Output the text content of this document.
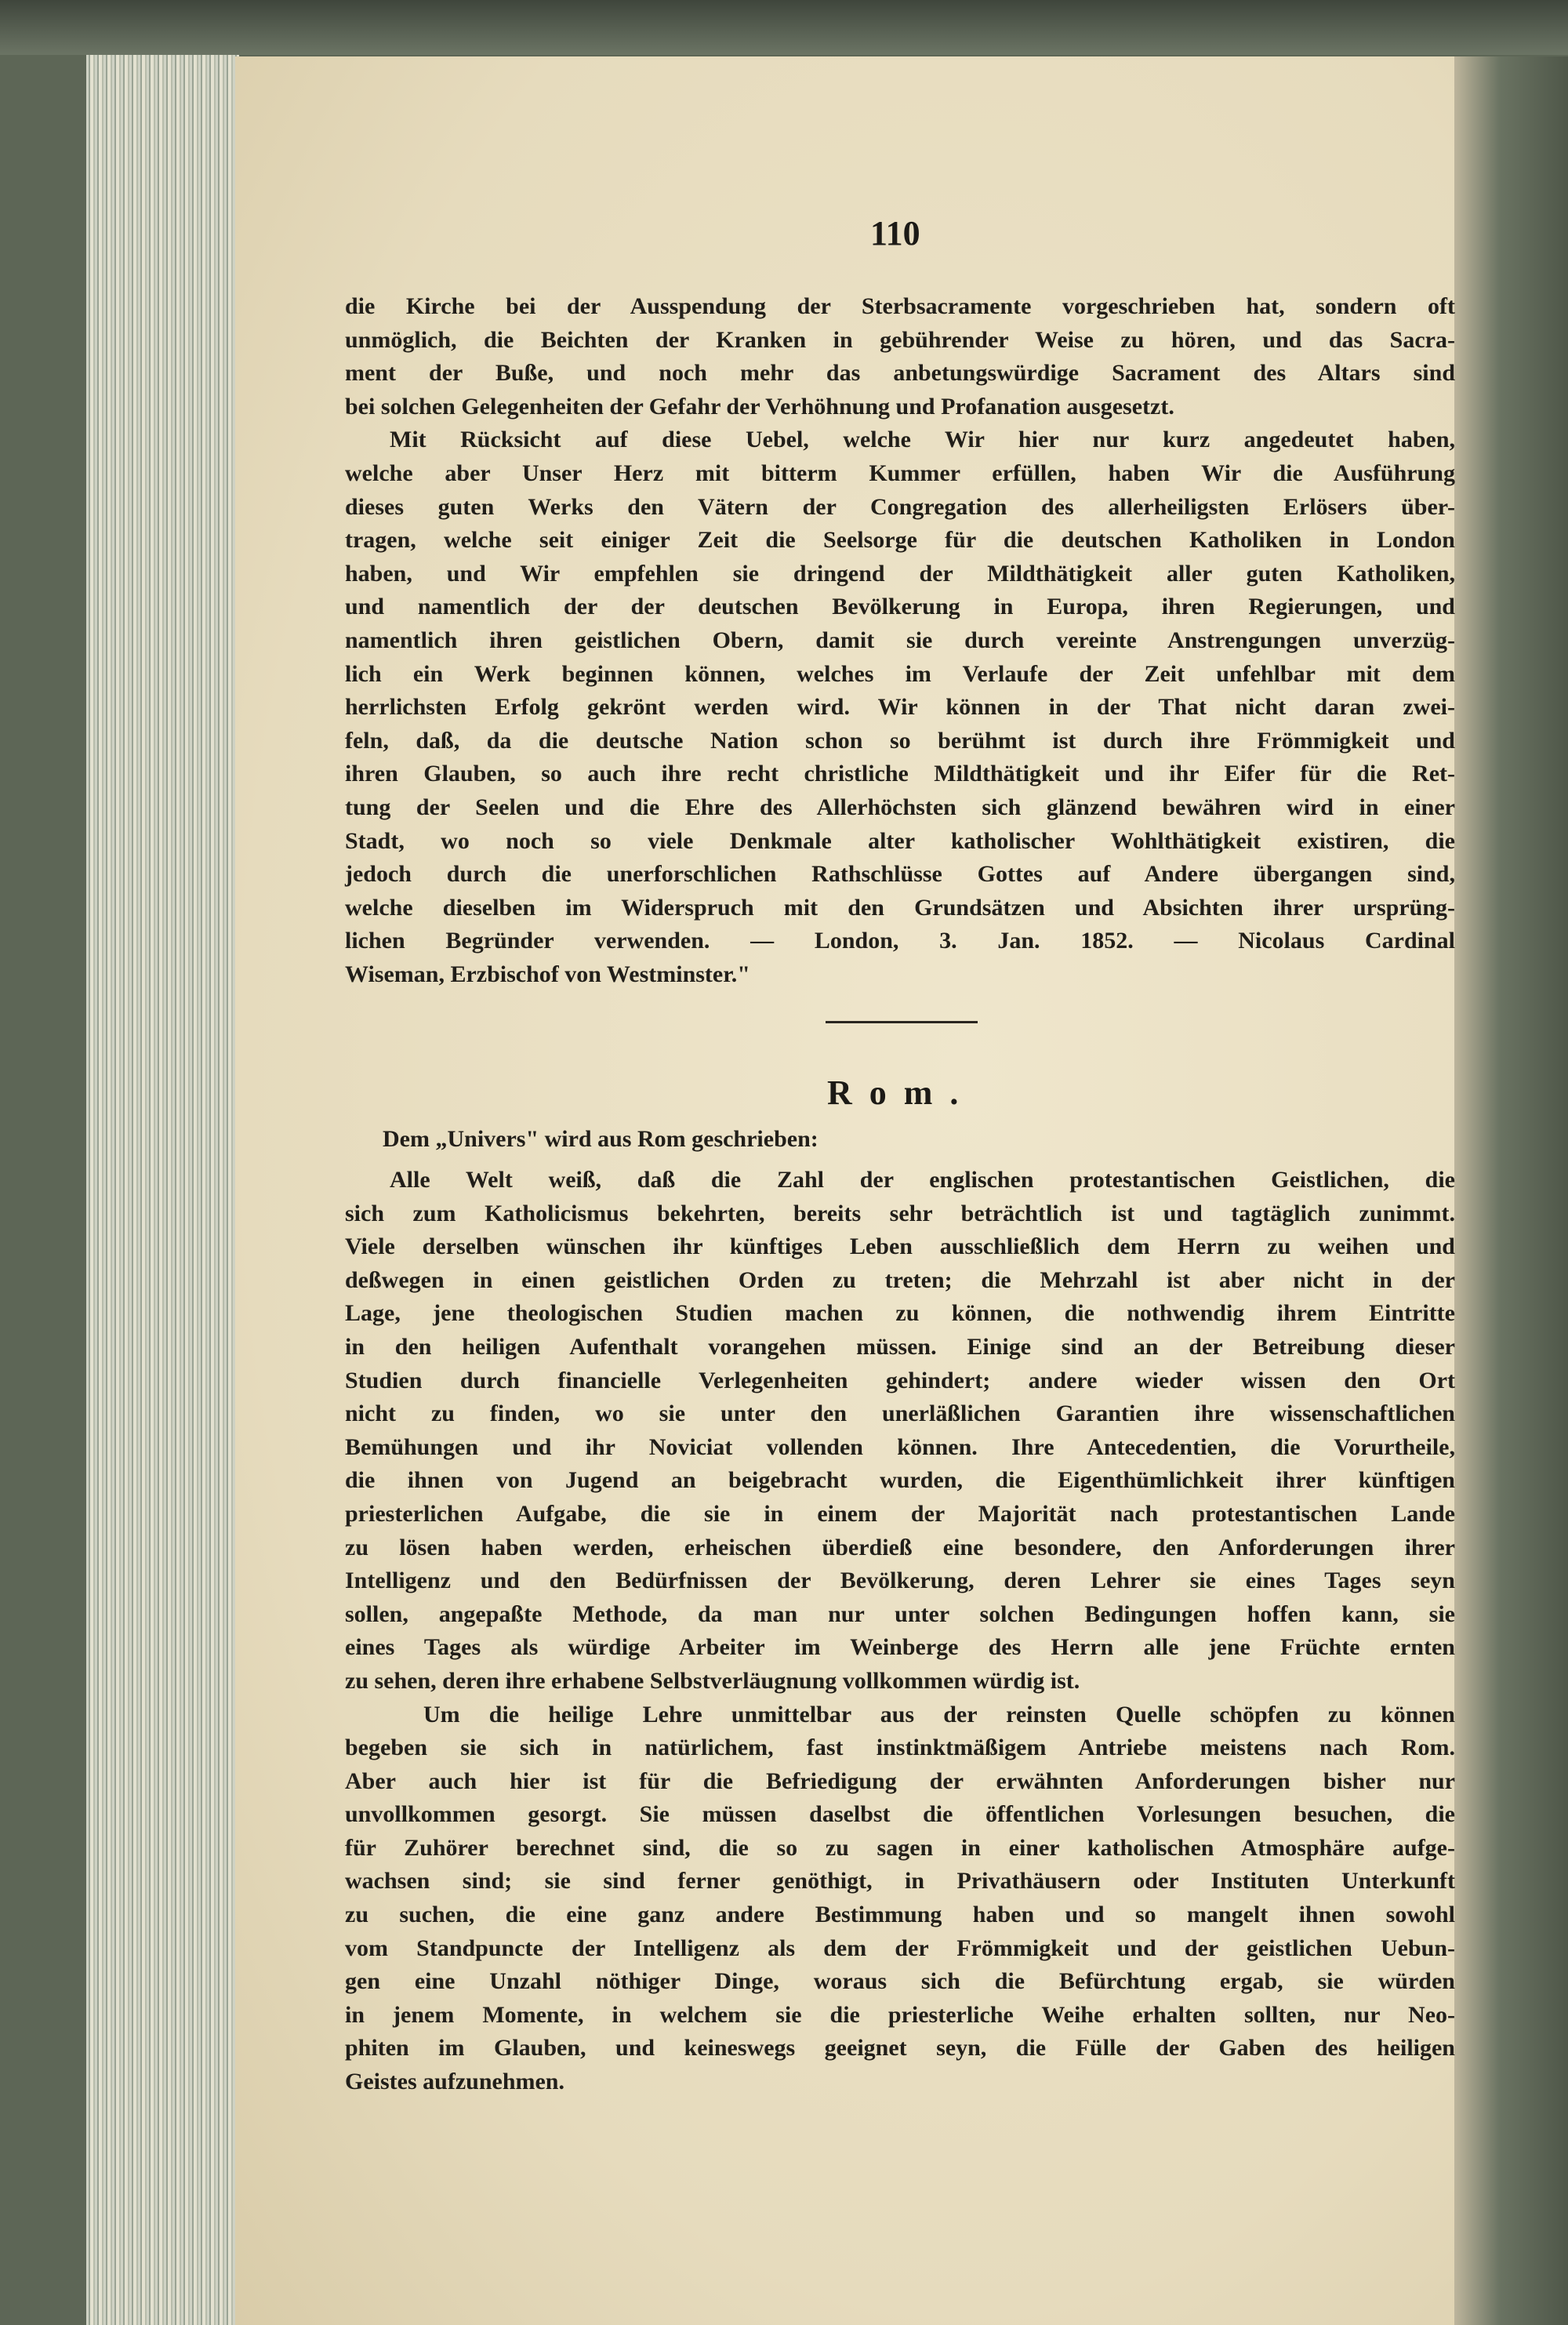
110
die Kirche bei der Ausspendung der Sterbsacramente vorgeschrieben hat, sondern oft
unmöglich, die Beichten der Kranken in gebührender Weise zu hören, und das Sacra-
ment der Buße, und noch mehr das anbetungswürdige Sacrament des Altars sind
bei solchen Gelegenheiten der Gefahr der Verhöhnung und Profanation ausgesetzt.
Mit Rücksicht auf diese Uebel, welche Wir hier nur kurz angedeutet haben,
welche aber Unser Herz mit bitterm Kummer erfüllen, haben Wir die Ausführung
dieses guten Werks den Vätern der Congregation des allerheiligsten Erlösers über-
tragen, welche seit einiger Zeit die Seelsorge für die deutschen Katholiken in London
haben, und Wir empfehlen sie dringend der Mildthätigkeit aller guten Katholiken,
und namentlich der der deutschen Bevölkerung in Europa, ihren Regierungen, und
namentlich ihren geistlichen Obern, damit sie durch vereinte Anstrengungen unverzüg-
lich ein Werk beginnen können, welches im Verlaufe der Zeit unfehlbar mit dem
herrlichsten Erfolg gekrönt werden wird. Wir können in der That nicht daran zwei-
feln, daß, da die deutsche Nation schon so berühmt ist durch ihre Frömmigkeit und
ihren Glauben, so auch ihre recht christliche Mildthätigkeit und ihr Eifer für die Ret-
tung der Seelen und die Ehre des Allerhöchsten sich glänzend bewähren wird in einer
Stadt, wo noch so viele Denkmale alter katholischer Wohlthätigkeit existiren, die
jedoch durch die unerforschlichen Rathschlüsse Gottes auf Andere übergangen sind,
welche dieselben im Widerspruch mit den Grundsätzen und Absichten ihrer ursprüng-
lichen Begründer verwenden. — London, 3. Jan. 1852. — Nicolaus Cardinal
Wiseman, Erzbischof von Westminster."
Rom.
Dem „Univers" wird aus Rom geschrieben:
Alle Welt weiß, daß die Zahl der englischen protestantischen Geistlichen, die
sich zum Katholicismus bekehrten, bereits sehr beträchtlich ist und tagtäglich zunimmt.
Viele derselben wünschen ihr künftiges Leben ausschließlich dem Herrn zu weihen und
deßwegen in einen geistlichen Orden zu treten; die Mehrzahl ist aber nicht in der
Lage, jene theologischen Studien machen zu können, die nothwendig ihrem Eintritte
in den heiligen Aufenthalt vorangehen müssen. Einige sind an der Betreibung dieser
Studien durch financielle Verlegenheiten gehindert; andere wieder wissen den Ort
nicht zu finden, wo sie unter den unerläßlichen Garantien ihre wissenschaftlichen
Bemühungen und ihr Noviciat vollenden können. Ihre Antecedentien, die Vorurtheile,
die ihnen von Jugend an beigebracht wurden, die Eigenthümlichkeit ihrer künftigen
priesterlichen Aufgabe, die sie in einem der Majorität nach protestantischen Lande
zu lösen haben werden, erheischen überdieß eine besondere, den Anforderungen ihrer
Intelligenz und den Bedürfnissen der Bevölkerung, deren Lehrer sie eines Tages seyn
sollen, angepaßte Methode, da man nur unter solchen Bedingungen hoffen kann, sie
eines Tages als würdige Arbeiter im Weinberge des Herrn alle jene Früchte ernten
zu sehen, deren ihre erhabene Selbstverläugnung vollkommen würdig ist.
Um die heilige Lehre unmittelbar aus der reinsten Quelle schöpfen zu können
begeben sie sich in natürlichem, fast instinktmäßigem Antriebe meistens nach Rom.
Aber auch hier ist für die Befriedigung der erwähnten Anforderungen bisher nur
unvollkommen gesorgt. Sie müssen daselbst die öffentlichen Vorlesungen besuchen, die
für Zuhörer berechnet sind, die so zu sagen in einer katholischen Atmosphäre aufge-
wachsen sind; sie sind ferner genöthigt, in Privathäusern oder Instituten Unterkunft
zu suchen, die eine ganz andere Bestimmung haben und so mangelt ihnen sowohl
vom Standpuncte der Intelligenz als dem der Frömmigkeit und der geistlichen Uebun-
gen eine Unzahl nöthiger Dinge, woraus sich die Befürchtung ergab, sie würden
in jenem Momente, in welchem sie die priesterliche Weihe erhalten sollten, nur Neo-
phiten im Glauben, und keineswegs geeignet seyn, die Fülle der Gaben des heiligen
Geistes aufzunehmen.
